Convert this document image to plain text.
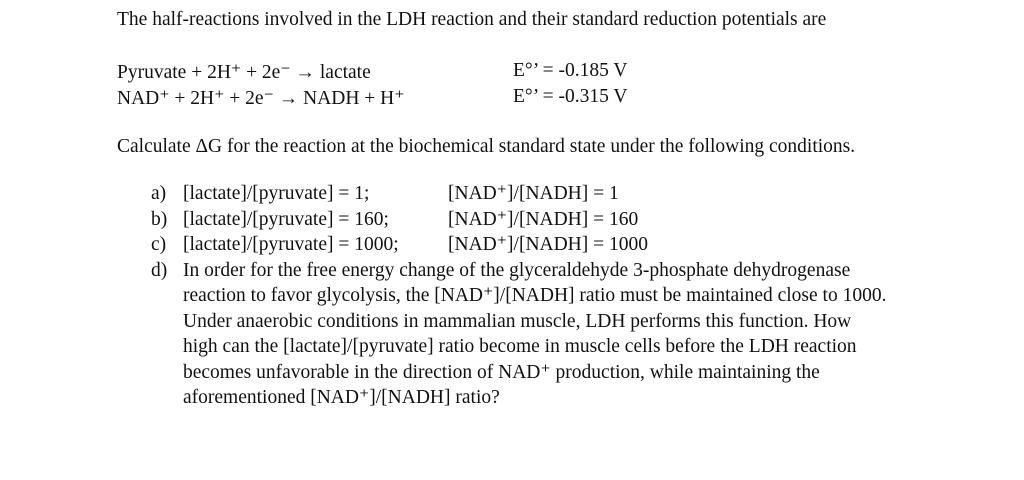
The half-reactions involved in the LDH reaction and their standard reduction potentials are
Pyruvate + 2H⁺ + 2e⁻ → lactate	E°’ = -0.185 V
NAD⁺ + 2H⁺ + 2e⁻ → NADH + H⁺	E°’ = -0.315 V
Calculate ΔG for the reaction at the biochemical standard state under the following conditions.
a) [lactate]/[pyruvate] = 1;	[NAD⁺]/[NADH] = 1
b) [lactate]/[pyruvate] = 160;	[NAD⁺]/[NADH] = 160
c) [lactate]/[pyruvate] = 1000;	[NAD⁺]/[NADH] = 1000
d) In order for the free energy change of the glyceraldehyde 3-phosphate dehydrogenase
reaction to favor glycolysis, the [NAD⁺]/[NADH] ratio must be maintained close to 1000.
Under anaerobic conditions in mammalian muscle, LDH performs this function. How
high can the [lactate]/[pyruvate] ratio become in muscle cells before the LDH reaction
becomes unfavorable in the direction of NAD⁺ production, while maintaining the
aforementioned [NAD⁺]/[NADH] ratio?
